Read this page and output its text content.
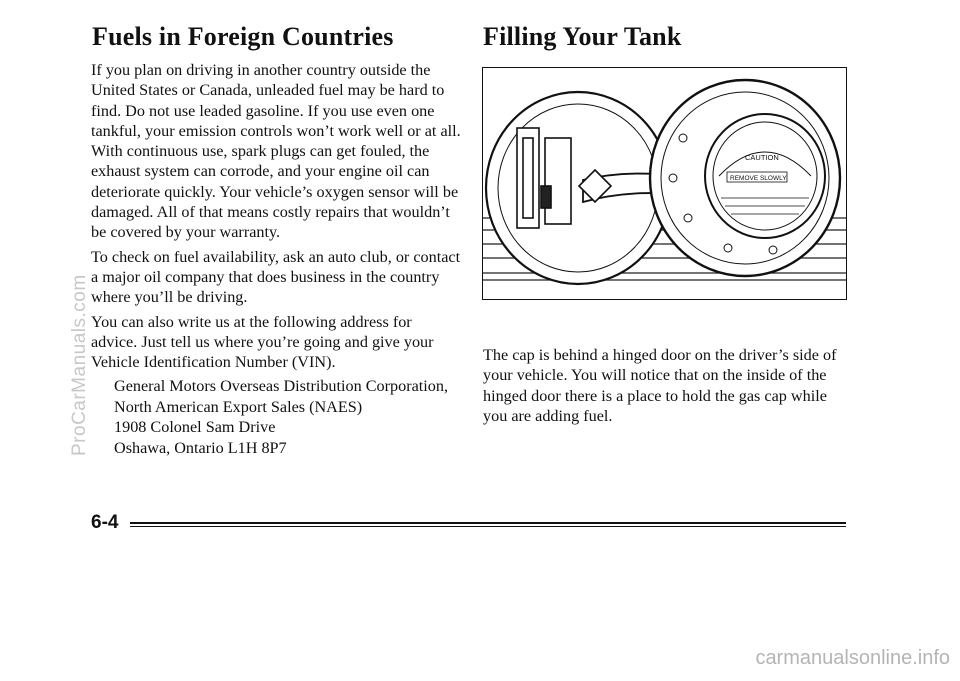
Fuels in Foreign Countries	Filling Your Tank

If you plan on driving in another country outside the United States or Canada, unleaded fuel may be hard to find. Do not use leaded gasoline. If you use even one tankful, your emission controls won’t work well or at all. With continuous use, spark plugs can get fouled, the exhaust system can corrode, and your engine oil can deteriorate quickly. Your vehicle’s oxygen sensor will be damaged. All of that means costly repairs that wouldn’t be covered by your warranty.

To check on fuel availability, ask an auto club, or contact a major oil company that does business in the country where you’ll be driving.

You can also write us at the following address for advice. Just tell us where you’re going and give your Vehicle Identification Number (VIN).

General Motors Overseas Distribution Corporation,
North American Export Sales (NAES)
1908 Colonel Sam Drive
Oshawa, Ontario L1H 8P7
CAUTION
REMOVE SLOWLY

The cap is behind a hinged door on the driver’s side of your vehicle. You will notice that on the inside of the hinged door there is a place to hold the gas cap while you are adding fuel.

6-4
ProCarManuals.com
carmanualsonline.info
